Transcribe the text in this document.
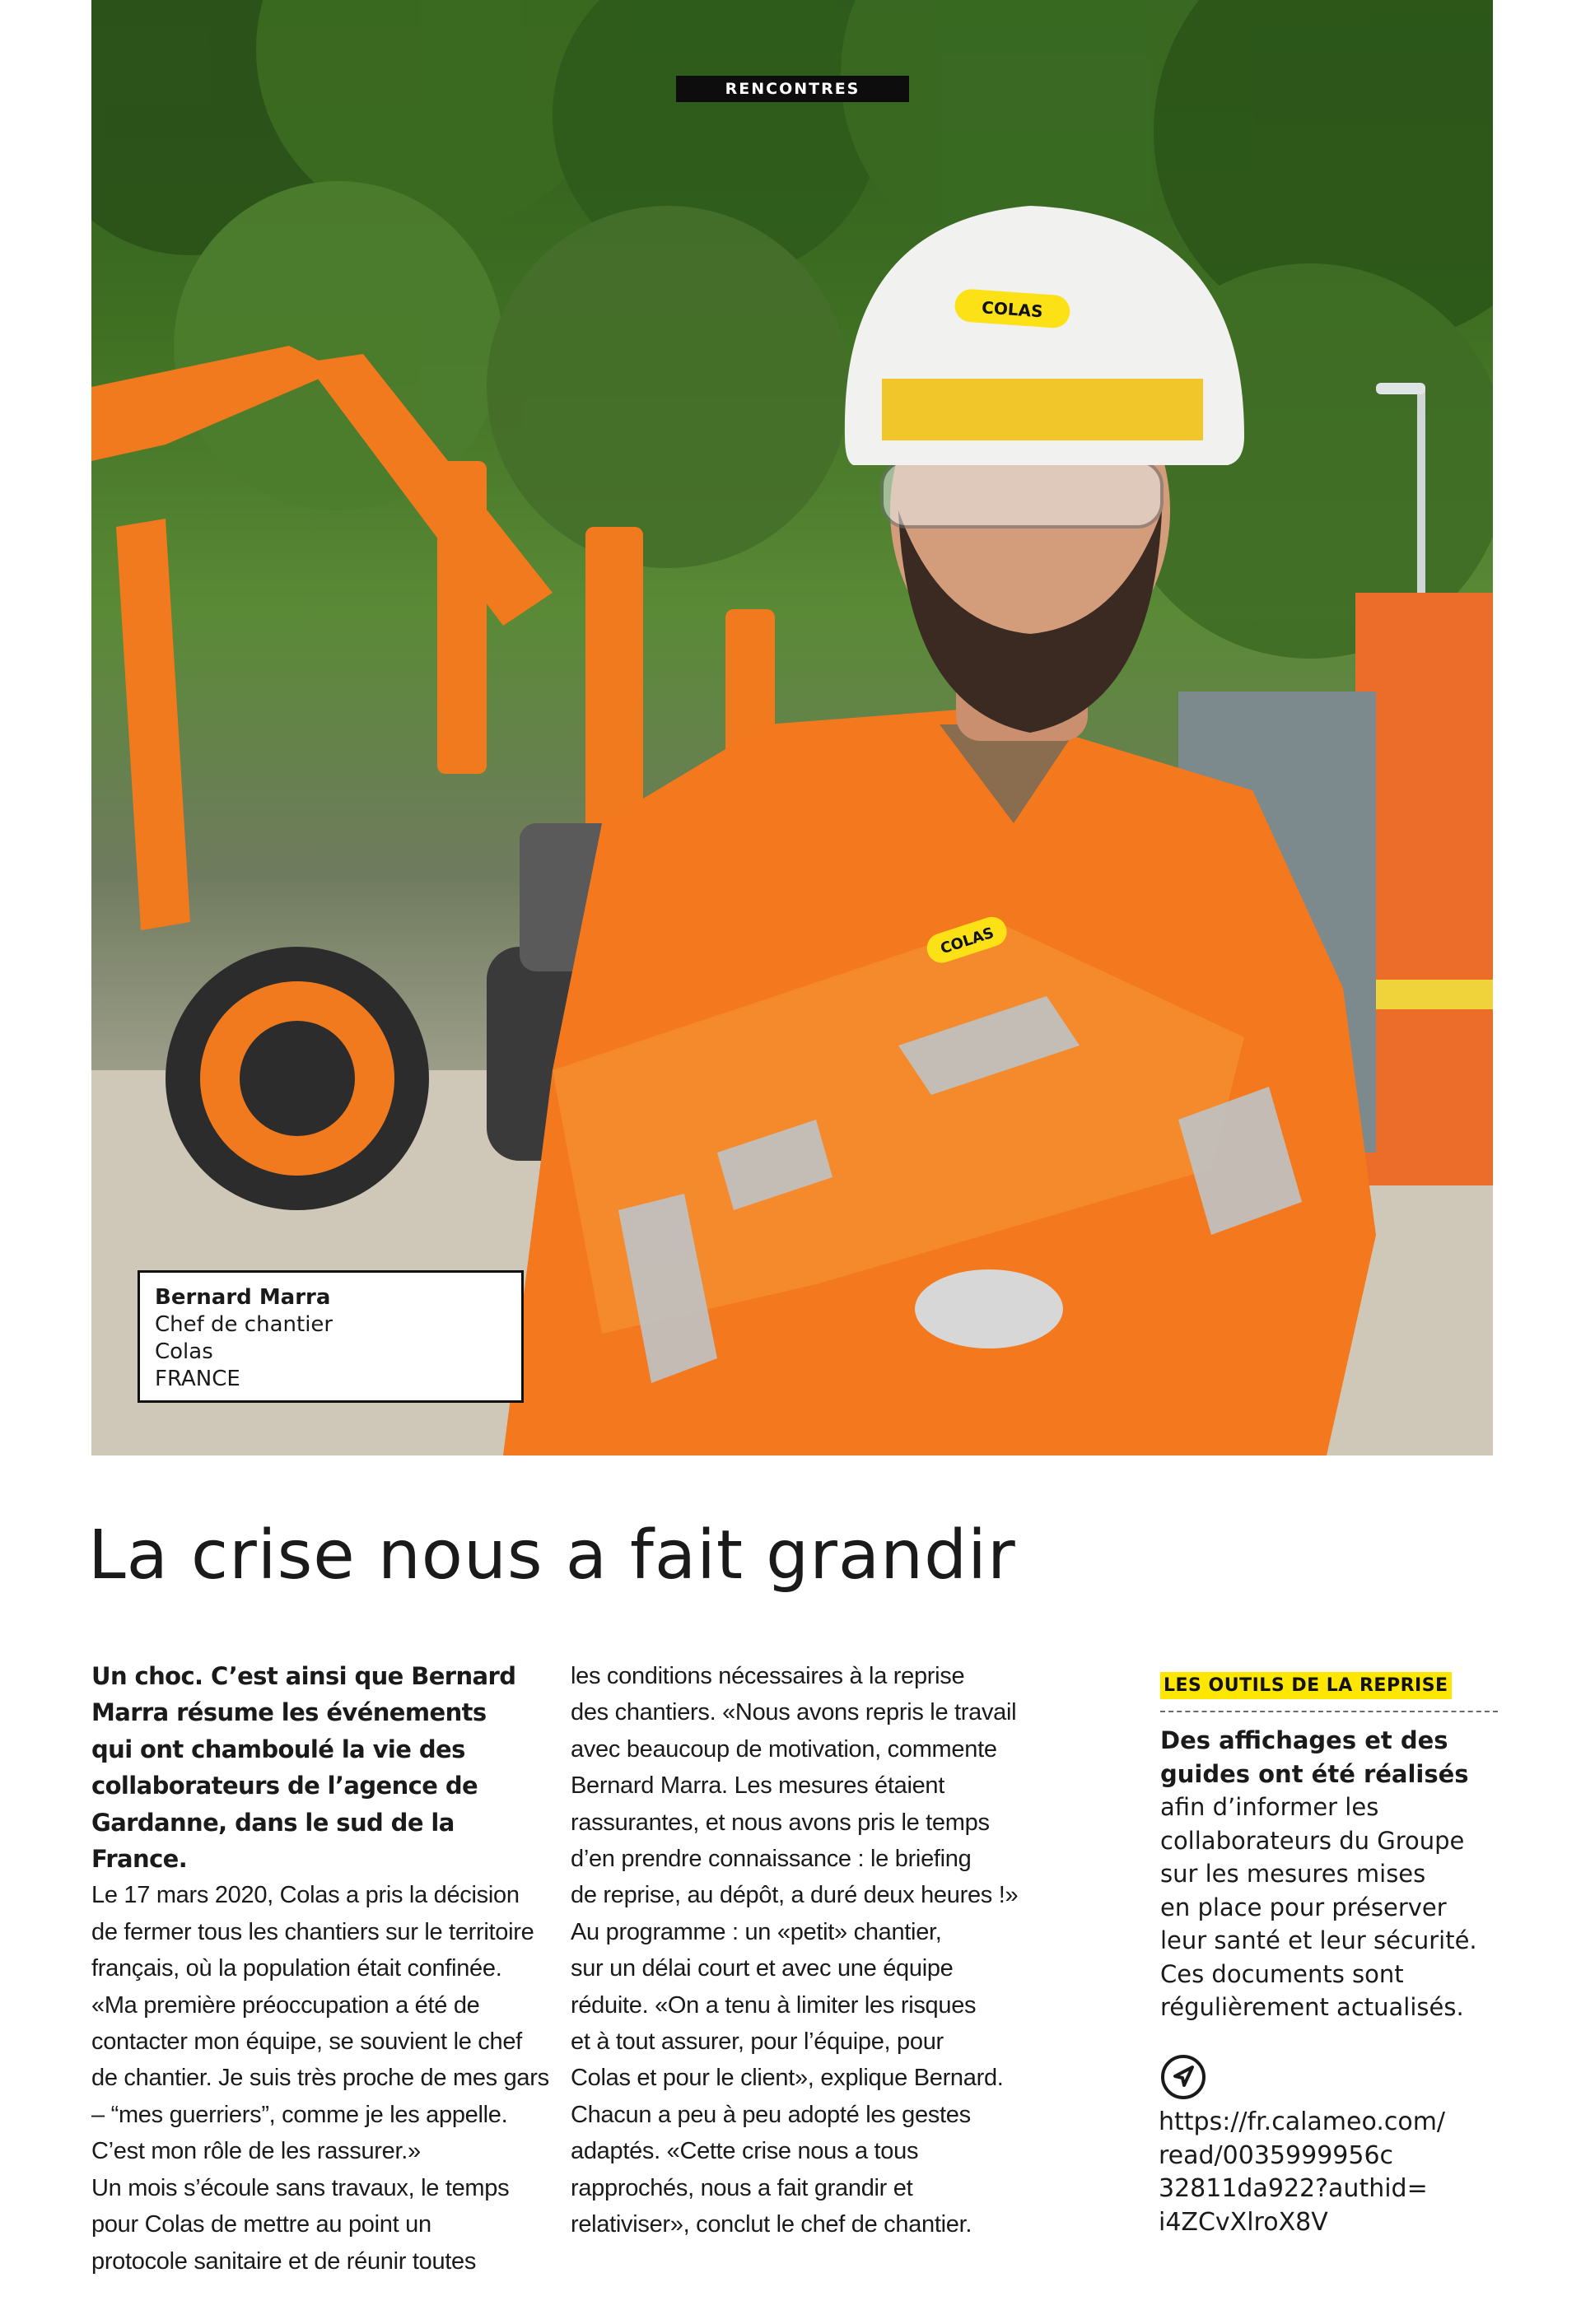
COLAS
COLAS
RENCONTRES
Bernard Marra
Chef de chantier
Colas
FRANCE
La crise nous a fait grandir

Un choc. C’est ainsi que Bernard

Marra résume les événements

qui ont chamboulé la vie des

collaborateurs de l’agence de

Gardanne, dans le sud de la France.

Le 17 mars 2020, Colas a pris la décision

de fermer tous les chantiers sur le territoire

français, où la population était confinée.

«Ma première préoccupation a été de

contacter mon équipe, se souvient le chef

de chantier. Je suis très proche de mes gars

– “mes guerriers”, comme je les appelle.

C’est mon rôle de les rassurer.»

Un mois s’écoule sans travaux, le temps

pour Colas de mettre au point un

protocole sanitaire et de réunir toutes

les conditions nécessaires à la reprise

des chantiers. «Nous avons repris le travail

avec beaucoup de motivation, commente

Bernard Marra. Les mesures étaient

rassurantes, et nous avons pris le temps

d’en prendre connaissance : le briefing

de reprise, au dépôt, a duré deux heures !»

Au programme : un «petit» chantier,

sur un délai court et avec une équipe

réduite. «On a tenu à limiter les risques

et à tout assurer, pour l’équipe, pour

Colas et pour le client», explique Bernard.

Chacun a peu à peu adopté les gestes

adaptés. «Cette crise nous a tous

rapprochés, nous a fait grandir et

relativiser», conclut le chef de chantier.

LES OUTILS DE LA REPRISE
Des affichages et des
guides ont été réalisés
afin d’informer les
collaborateurs du Groupe
sur les mesures mises
en place pour préserver
leur santé et leur sécurité.
Ces documents sont
régulièrement actualisés.
https://fr.calameo.com/
read/0035999956c
32811da922?authid=
i4ZCvXlroX8V
